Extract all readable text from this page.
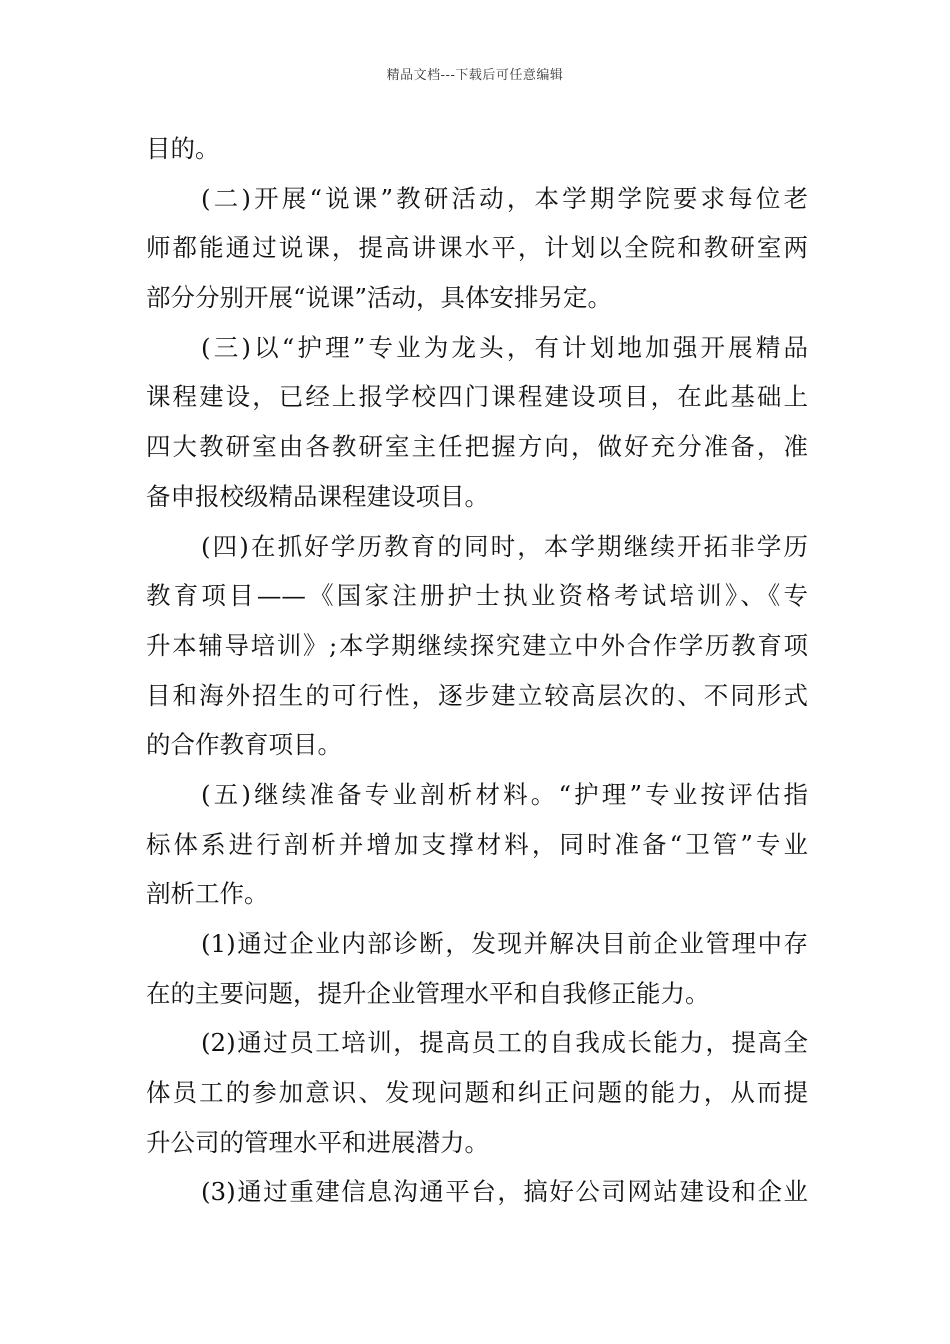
精品文档---下载后可任意编辑
目的。
(二)开展“说课”教研活动，本学期学院要求每位老
师都能通过说课，提高讲课水平，计划以全院和教研室两
部分分别开展“说课”活动，具体安排另定。
(三)以“护理”专业为龙头，有计划地加强开展精品
课程建设，已经上报学校四门课程建设项目，在此基础上
四大教研室由各教研室主任把握方向，做好充分准备，准
备申报校级精品课程建设项目。
(四)在抓好学历教育的同时，本学期继续开拓非学历
教育项目——《国家注册护士执业资格考试培训》、《专
升本辅导培训》;本学期继续探究建立中外合作学历教育项
目和海外招生的可行性，逐步建立较高层次的、不同形式
的合作教育项目。
(五)继续准备专业剖析材料。“护理”专业按评估指
标体系进行剖析并增加支撑材料，同时准备“卫管”专业
剖析工作。
(1)通过企业内部诊断，发现并解决目前企业管理中存
在的主要问题，提升企业管理水平和自我修正能力。
(2)通过员工培训，提高员工的自我成长能力，提高全
体员工的参加意识、发现问题和纠正问题的能力，从而提
升公司的管理水平和进展潜力。
(3)通过重建信息沟通平台，搞好公司网站建设和企业
